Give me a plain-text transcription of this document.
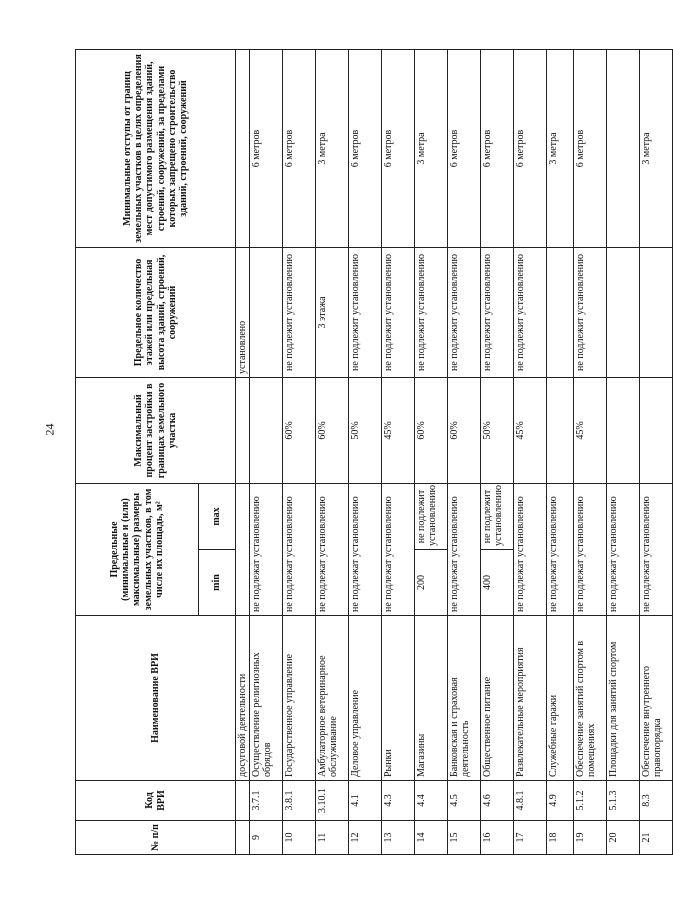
24
№ п/п	Код ВРИ	Наименование ВРИ	Предельные (минимальные и (или) максимальные) размеры земельных участков, в том числе их площадь, м²		Максимальный процент застройки в границах земельного участка	Предельное количество этажей или предельная высота зданий, строений, сооружений	Минимальные отступы от границ земельных участков в целях определения мест допустимого размещения зданий, строений, сооружений, за пределами которых запрещено строительство зданий, строений, сооружений
			min	max			
		досуговой деятельности				установлено	
9	3.7.1	Осуществление религиозных обрядов	не подлежат установлению				6 метров
10	3.8.1	Государственное управление	не подлежат установлению		60%	не подлежит установлению	6 метров
11	3.10.1	Амбулаторное ветеринарное обслуживание	не подлежат установлению		60%	3 этажа	3 метра
12	4.1	Деловое управление	не подлежат установлению		50%	не подлежит установлению	6 метров
13	4.3	Рынки	не подлежат установлению		45%	не подлежит установлению	6 метров
14	4.4	Магазины	200	не подлежит установлению	60%	не подлежит установлению	3 метра
15	4.5	Банковская и страховая деятельность	не подлежат установлению		60%	не подлежит установлению	6 метров
16	4.6	Общественное питание	400	не подлежит установлению	50%	не подлежит установлению	6 метров
17	4.8.1	Развлекательные мероприятия	не подлежат установлению		45%	не подлежит установлению	6 метров
18	4.9	Служебные гаражи	не подлежат установлению				3 метра
19	5.1.2	Обеспечение занятий спортом в помещениях	не подлежат установлению		45%	не подлежит установлению	6 метров
20	5.1.3	Площадки для занятий спортом	не подлежат установлению				
21	8.3	Обеспечение внутреннего правопорядка	не подлежат установлению				3 метра
